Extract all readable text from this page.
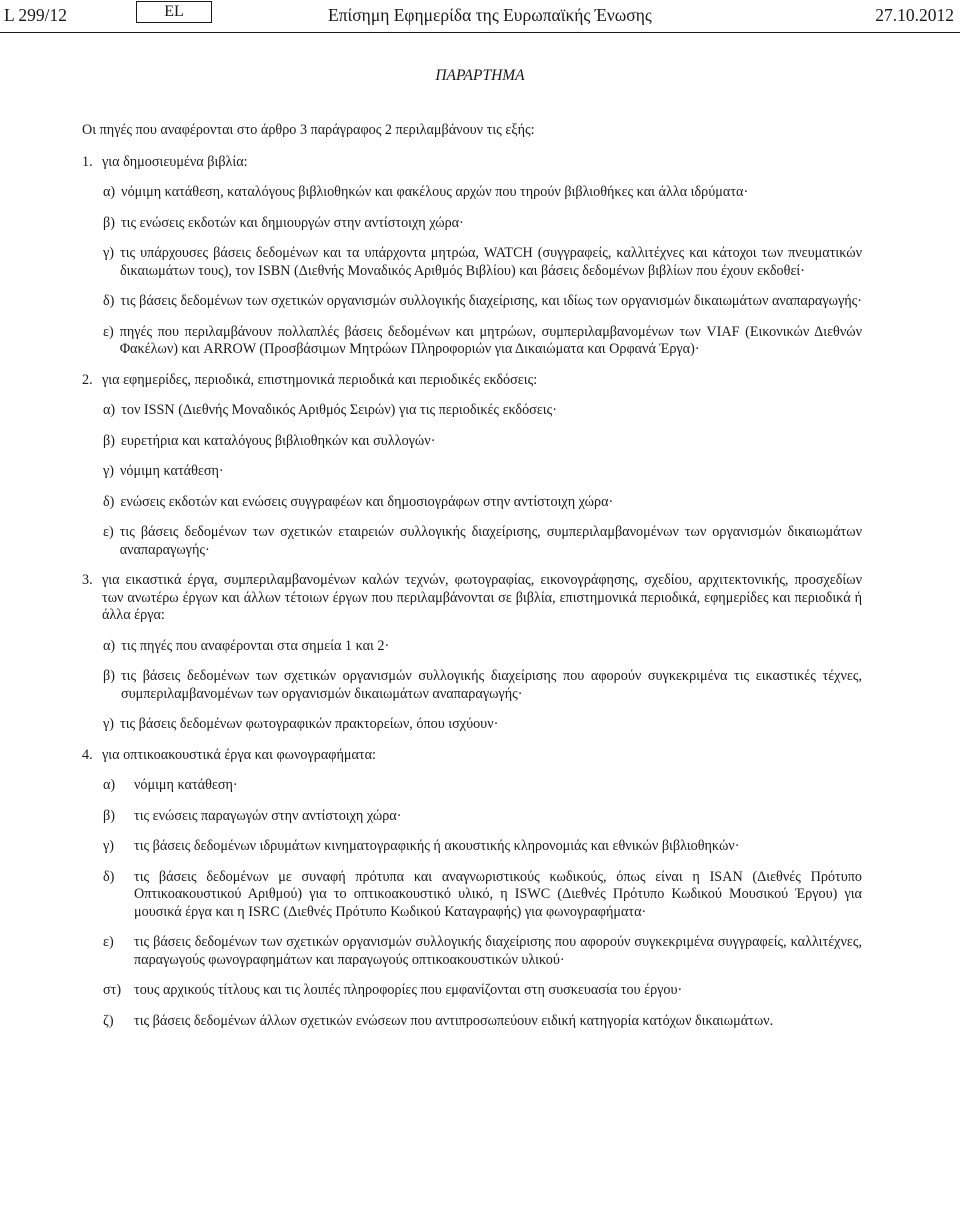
L 299/12	EL	Επίσημη Εφημερίδα της Ευρωπαϊκής Ένωσης	27.10.2012
ΠΑΡΑΡΤΗΜΑ
Οι πηγές που αναφέρονται στο άρθρο 3 παράγραφος 2 περιλαμβάνουν τις εξής:
1. για δημοσιευμένα βιβλία:
α) νόμιμη κατάθεση, καταλόγους βιβλιοθηκών και φακέλους αρχών που τηρούν βιβλιοθήκες και άλλα ιδρύματα·
β) τις ενώσεις εκδοτών και δημιουργών στην αντίστοιχη χώρα·
γ) τις υπάρχουσες βάσεις δεδομένων και τα υπάρχοντα μητρώα, WATCH (συγγραφείς, καλλιτέχνες και κάτοχοι των πνευματικών δικαιωμάτων τους), τον ISBN (Διεθνής Μοναδικός Αριθμός Βιβλίου) και βάσεις δεδομένων βιβλίων που έχουν εκδοθεί·
δ) τις βάσεις δεδομένων των σχετικών οργανισμών συλλογικής διαχείρισης, και ιδίως των οργανισμών δικαιωμάτων αναπαραγωγής·
ε) πηγές που περιλαμβάνουν πολλαπλές βάσεις δεδομένων και μητρώων, συμπεριλαμβανομένων των VIAF (Εικονικών Διεθνών Φακέλων) και ARROW (Προσβάσιμων Μητρώων Πληροφοριών για Δικαιώματα και Ορφανά Έργα)·
2. για εφημερίδες, περιοδικά, επιστημονικά περιοδικά και περιοδικές εκδόσεις:
α) τον ISSN (Διεθνής Μοναδικός Αριθμός Σειρών) για τις περιοδικές εκδόσεις·
β) ευρετήρια και καταλόγους βιβλιοθηκών και συλλογών·
γ) νόμιμη κατάθεση·
δ) ενώσεις εκδοτών και ενώσεις συγγραφέων και δημοσιογράφων στην αντίστοιχη χώρα·
ε) τις βάσεις δεδομένων των σχετικών εταιρειών συλλογικής διαχείρισης, συμπεριλαμβανομένων των οργανισμών δικαιωμάτων αναπαραγωγής·
3. για εικαστικά έργα, συμπεριλαμβανομένων καλών τεχνών, φωτογραφίας, εικονογράφησης, σχεδίου, αρχιτεκτονικής, προσχεδίων των ανωτέρω έργων και άλλων τέτοιων έργων που περιλαμβάνονται σε βιβλία, επιστημονικά περιοδικά, εφημερίδες και περιοδικά ή άλλα έργα:
α) τις πηγές που αναφέρονται στα σημεία 1 και 2·
β) τις βάσεις δεδομένων των σχετικών οργανισμών συλλογικής διαχείρισης που αφορούν συγκεκριμένα τις εικαστικές τέχνες, συμπεριλαμβανομένων των οργανισμών δικαιωμάτων αναπαραγωγής·
γ) τις βάσεις δεδομένων φωτογραφικών πρακτορείων, όπου ισχύουν·
4. για οπτικοακουστικά έργα και φωνογραφήματα:
α)	νόμιμη κατάθεση·
β)	τις ενώσεις παραγωγών στην αντίστοιχη χώρα·
γ)	τις βάσεις δεδομένων ιδρυμάτων κινηματογραφικής ή ακουστικής κληρονομιάς και εθνικών βιβλιοθηκών·
δ)	τις βάσεις δεδομένων με συναφή πρότυπα και αναγνωριστικούς κωδικούς, όπως είναι η ISAN (Διεθνές Πρότυπο Οπτικοακουστικού Αριθμού) για το οπτικοακουστικό υλικό, η ISWC (Διεθνές Πρότυπο Κωδικού Μουσικού Έργου) για μουσικά έργα και η ISRC (Διεθνές Πρότυπο Κωδικού Καταγραφής) για φωνογραφήματα·
ε)	τις βάσεις δεδομένων των σχετικών οργανισμών συλλογικής διαχείρισης που αφορούν συγκεκριμένα συγγραφείς, καλλιτέχνες, παραγωγούς φωνογραφημάτων και παραγωγούς οπτικοακουστικών υλικού·
στ) τους αρχικούς τίτλους και τις λοιπές πληροφορίες που εμφανίζονται στη συσκευασία του έργου·
ζ)	τις βάσεις δεδομένων άλλων σχετικών ενώσεων που αντιπροσωπεύουν ειδική κατηγορία κατόχων δικαιωμάτων.
